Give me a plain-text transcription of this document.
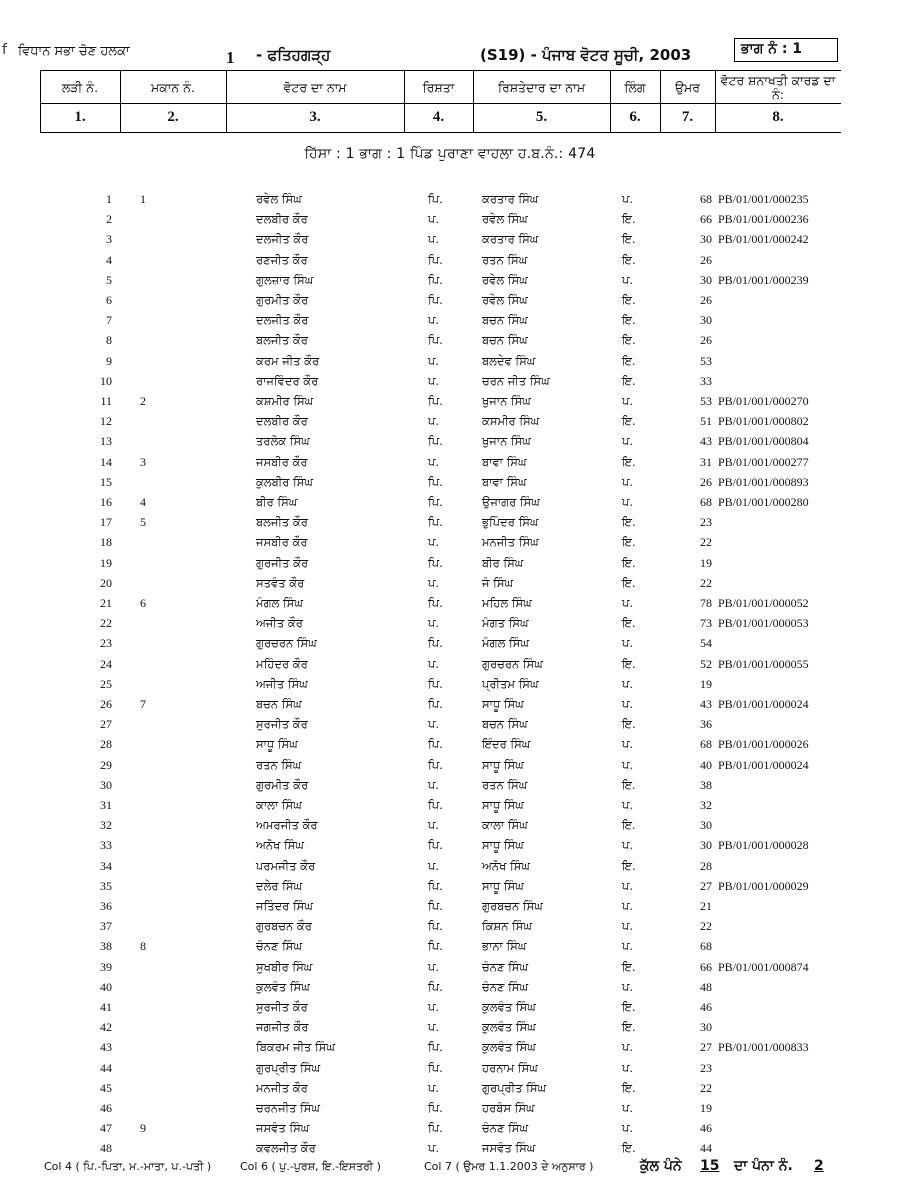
f ਵਿਧਾਨ ਸਭਾ ਚੋਣ ਹਲਕਾ	1 - ਫਤਿਹਗੜ੍ਹ	(S19) - ਪੰਜਾਬ ਵੋਟਰ ਸੂਚੀ, 2003	ਭਾਗ ਨੰ : 1
ਲੜੀ ਨੰ.	ਮਕਾਨ ਨੰ.	ਵੋਟਰ ਦਾ ਨਾਮ	ਰਿਸ਼ਤਾ	ਰਿਸ਼ਤੇਦਾਰ ਦਾ ਨਾਮ	ਲਿੰਗ	ਉਮਰ	ਵੋਟਰ ਸ਼ਨਾਖਤੀ ਕਾਰਡ ਦਾ ਨੰ:
1.	2.	3.	4.	5.	6.	7.	8.
ਹਿੱਸਾ : 1 ਭਾਗ : 1 ਪਿੰਡ ਪੁਰਾਣਾ ਵਾਹਲਾ ਹ.ਬ.ਨੰ.: 474
1 1	ਰਵੇਲ ਸਿੰਘ	ਪਿ.	ਕਰਤਾਰ ਸਿੰਘ	ਪ.	68 PB/01/001/000235
2	ਦਲਬੀਰ ਕੌਰ	ਪ.	ਰਵੇਲ ਸਿੰਘ	ਇ.	66 PB/01/001/000236
3	ਦਲਜੀਤ ਕੌਰ	ਪ.	ਕਰਤਾਰ ਸਿੰਘ	ਇ.	30 PB/01/001/000242
4	ਰਣਜੀਤ ਕੌਰ	ਪਿ.	ਰਤਨ ਸਿੰਘ	ਇ.	26
5	ਗੁਲਜ਼ਾਰ ਸਿੰਘ	ਪਿ.	ਰਵੇਲ ਸਿੰਘ	ਪ.	30 PB/01/001/000239
6	ਗੁਰਮੀਤ ਕੌਰ	ਪਿ.	ਰਵੇਲ ਸਿੰਘ	ਇ.	26
7	ਦਲਜੀਤ ਕੌਰ	ਪ.	ਬਚਨ ਸਿੰਘ	ਇ.	30
8	ਬਲਜੀਤ ਕੌਰ	ਪਿ.	ਬਚਨ ਸਿੰਘ	ਇ.	26
9	ਕਰਮ ਜੀਤ ਕੌਰ	ਪ.	ਬਲਦੇਵ ਸਿੰਘ	ਇ.	53
10	ਰਾਜਵਿੰਦਰ ਕੌਰ	ਪ.	ਚਰਨ ਜੀਤ ਸਿੰਘ	ਇ.	33
11 2	ਕਸ਼ਮੀਰ ਸਿੰਘ	ਪਿ.	ਖੁਜਾਨ ਸਿੰਘ	ਪ.	53 PB/01/001/000270
12	ਦਲਬੀਰ ਕੌਰ	ਪ.	ਕਸਮੀਰ ਸਿੰਘ	ਇ.	51 PB/01/001/000802
13	ਤਰਲੋਕ ਸਿੰਘ	ਪਿ.	ਖੁਜਾਨ ਸਿੰਘ	ਪ.	43 PB/01/001/000804
14 3	ਜਸਬੀਰ ਕੌਰ	ਪ.	ਬਾਵਾ ਸਿੰਘ	ਇ.	31 PB/01/001/000277
15	ਕੁਲਬੀਰ ਸਿੰਘ	ਪਿ.	ਬਾਵਾ ਸਿੰਘ	ਪ.	26 PB/01/001/000893
16 4	ਬੀਰ ਸਿੰਘ	ਪਿ.	ਉਜਾਗਰ ਸਿੰਘ	ਪ.	68 PB/01/001/000280
17 5	ਬਲਜੀਤ ਕੌਰ	ਪਿ.	ਭੁਪਿੰਦਰ ਸਿੰਘ	ਇ.	23
18	ਜਸਬੀਰ ਕੌਰ	ਪ.	ਮਨਜੀਤ ਸਿੰਘ	ਇ.	22
19	ਗੁਰਜੀਤ ਕੌਰ	ਪਿ.	ਬੀਰ ਸਿੰਘ	ਇ.	19
20	ਸਤਵੰਤ ਕੌਰ	ਪ.	ਜੰ ਸਿੰਘ	ਇ.	22
21 6	ਮੰਗਲ ਸਿੰਘ	ਪਿ.	ਮਹਿਲ ਸਿੰਘ	ਪ.	78 PB/01/001/000052
22	ਅਜੀਤ ਕੌਰ	ਪ.	ਮੰਗਤ ਸਿੰਘ	ਇ.	73 PB/01/001/000053
23	ਗੁਰਚਰਨ ਸਿੰਘ	ਪਿ.	ਮੰਗਲ ਸਿੰਘ	ਪ.	54
24	ਮਹਿੰਦਰ ਕੌਰ	ਪ.	ਗੁਰਚਰਨ ਸਿੰਘ	ਇ.	52 PB/01/001/000055
25	ਅਜੀਤ ਸਿੰਘ	ਪਿ.	ਪ੍ਰੀਤਮ ਸਿੰਘ	ਪ.	19
26 7	ਬਚਨ ਸਿੰਘ	ਪਿ.	ਸਾਧੂ ਸਿੰਘ	ਪ.	43 PB/01/001/000024
27	ਸੁਰਜੀਤ ਕੌਰ	ਪ.	ਬਚਨ ਸਿੰਘ	ਇ.	36
28	ਸਾਧੂ ਸਿੰਘ	ਪਿ.	ਇੰਦਰ ਸਿੰਘ	ਪ.	68 PB/01/001/000026
29	ਰਤਨ ਸਿੰਘ	ਪਿ.	ਸਾਧੂ ਸਿੰਘ	ਪ.	40 PB/01/001/000024
30	ਗੁਰਮੀਤ ਕੌਰ	ਪ.	ਰਤਨ ਸਿੰਘ	ਇ.	38
31	ਕਾਲਾ ਸਿੰਘ	ਪਿ.	ਸਾਧੂ ਸਿੰਘ	ਪ.	32
32	ਅਮਰਜੀਤ ਕੌਰ	ਪ.	ਕਾਲਾ ਸਿੰਘ	ਇ.	30
33	ਅਨੋਖ ਸਿੰਘ	ਪਿ.	ਸਾਧੂ ਸਿੰਘ	ਪ.	30 PB/01/001/000028
34	ਪਰਮਜੀਤ ਕੌਰ	ਪ.	ਅਨੋਖ ਸਿੰਘ	ਇ.	28
35	ਦਲੇਰ ਸਿੰਘ	ਪਿ.	ਸਾਧੂ ਸਿੰਘ	ਪ.	27 PB/01/001/000029
36	ਜਤਿੰਦਰ ਸਿੰਘ	ਪਿ.	ਗੁਰਬਚਨ ਸਿੰਘ	ਪ.	21
37	ਗੁਰਬਚਨ ਕੌਰ	ਪਿ.	ਕਿਸ਼ਨ ਸਿੰਘ	ਪ.	22
38 8	ਚੰਨਣ ਸਿੰਘ	ਪਿ.	ਭਾਨਾ ਸਿੰਘ	ਪ.	68
39	ਸੁਖਬੀਰ ਸਿੰਘ	ਪ.	ਚੰਨਣ ਸਿੰਘ	ਇ.	66 PB/01/001/000874
40	ਕੁਲਵੰਤ ਸਿੰਘ	ਪਿ.	ਚੰਨਣ ਸਿੰਘ	ਪ.	48
41	ਸੁਰਜੀਤ ਕੌਰ	ਪ.	ਕੁਲਵੰਤ ਸਿੰਘ	ਇ.	46
42	ਜਗਜੀਤ ਕੌਰ	ਪ.	ਕੁਲਵੰਤ ਸਿੰਘ	ਇ.	30
43	ਬਿਕਰਮ ਜੀਤ ਸਿੰਘ	ਪਿ.	ਕੁਲਵੰਤ ਸਿੰਘ	ਪ.	27 PB/01/001/000833
44	ਗੁਰਪ੍ਰੀਤ ਸਿੰਘ	ਪਿ.	ਹਰਨਾਮ ਸਿੰਘ	ਪ.	23
45	ਮਨਜੀਤ ਕੌਰ	ਪ.	ਗੁਰਪ੍ਰੀਤ ਸਿੰਘ	ਇ.	22
46	ਚਰਨਜੀਤ ਸਿੰਘ	ਪਿ.	ਹਰਬੰਸ ਸਿੰਘ	ਪ.	19
47 9	ਜਸਵੰਤ ਸਿੰਘ	ਪਿ.	ਚੰਨਣ ਸਿੰਘ	ਪ.	46
48	ਕਵਲਜੀਤ ਕੌਰ	ਪ.	ਜਸਵੰਤ ਸਿੰਘ	ਇ.	44
Col 4 ( ਪਿ.-ਪਿਤਾ, ਮ.-ਮਾਤਾ, ਪ.-ਪਤੀ )	Col 6 ( ਪੁ.-ਪੁਰਸ਼, ਇ.-ਇਸਤਰੀ )	Col 7 ( ਉਮਰ 1.1.2003 ਦੇ ਅਨੁਸਾਰ )	ਕੁੱਲ ਪੰਨੇ 15 ਦਾ ਪੰਨਾ ਨੰ. 2
